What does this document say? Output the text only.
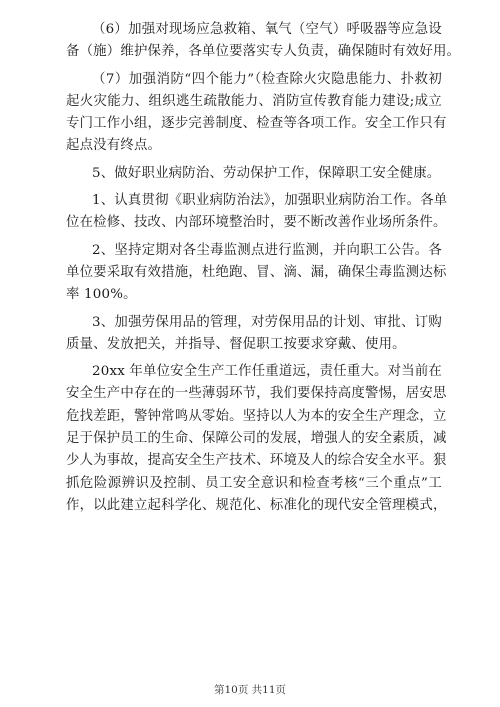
（6）加强对现场应急救箱、氧气（空气）呼吸器等应急设
备（施）维护保养，各单位要落实专人负责，确保随时有效好用。
（7）加强消防“四个能力”（检查除火灾隐患能力、扑救初
起火灾能力、组织逃生疏散能力、消防宣传教育能力建设;成立
专门工作小组，逐步完善制度、检查等各项工作。安全工作只有
起点没有终点。
5、做好职业病防治、劳动保护工作，保障职工安全健康。
1、认真贯彻《职业病防治法》，加强职业病防治工作。各单
位在检修、技改、内部环境整治时，要不断改善作业场所条件。
2、坚持定期对各尘毒监测点进行监测，并向职工公告。各
单位要采取有效措施，杜绝跑、冒、滴、漏，确保尘毒监测达标
率 100%。
3、加强劳保用品的管理，对劳保用品的计划、审批、订购
质量、发放把关，并指导、督促职工按要求穿戴、使用。
20xx 年单位安全生产工作任重道远，责任重大。对当前在
安全生产中存在的一些薄弱环节，我们要保持高度警惕，居安思
危找差距，警钟常鸣从零始。坚持以人为本的安全生产理念，立
足于保护员工的生命、保障公司的发展，增强人的安全素质，减
少人为事故，提高安全生产技术、环境及人的综合安全水平。狠
抓危险源辨识及控制、员工安全意识和检查考核“三个重点”工
作，以此建立起科学化、规范化、标准化的现代安全管理模式，
第10页 共11页
